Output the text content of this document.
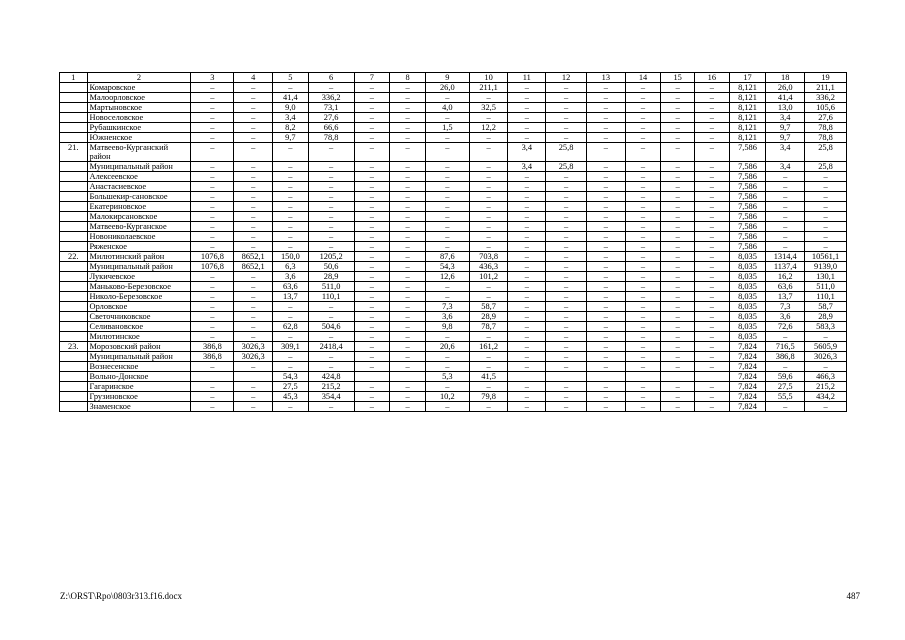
1	2	3	4	5	6	7	8	9	10	11	12	13	14	15	16	17	18	19
	Комаровское	–	–	–	–	–	–	26,0	211,1	–	–	–	–	–	–	8,121	26,0	211,1
	Малоорловское	–	–	41,4	336,2	–	–	–	–	–	–	–	–	–	–	8,121	41,4	336,2
	Мартыновское	–	–	9,0	73,1	–	–	4,0	32,5	–	–	–	–	–	–	8,121	13,0	105,6
	Новоселовское	–	–	3,4	27,6	–	–	–	–	–	–	–	–	–	–	8,121	3,4	27,6
	Рубашкинское	–	–	8,2	66,6	–	–	1,5	12,2	–	–	–	–	–	–	8,121	9,7	78,8
	Южненское	–	–	9,7	78,8	–	–	–	–	–	–	–	–	–	–	8,121	9,7	78,8
21.	Матвеево-Курганский район	–	–	–	–	–	–	–	–	3,4	25,8	–	–	–	–	7,586	3,4	25,8
	Муниципальный район	–	–	–	–	–	–	–	–	3,4	25,8	–	–	–	–	7,586	3,4	25,8
	Алексеевское	–	–	–	–	–	–	–	–	–	–	–	–	–	–	7,586	–	–
	Анастасиевское	–	–	–	–	–	–	–	–	–	–	–	–	–	–	7,586	–	–
	Большекир-сановское	–	–	–	–	–	–	–	–	–	–	–	–	–	–	7,586	–	–
	Екатериновское	–	–	–	–	–	–	–	–	–	–	–	–	–	–	7,586	–	–
	Малокирсановское	–	–	–	–	–	–	–	–	–	–	–	–	–	–	7,586	–	–
	Матвеево-Курганское	–	–	–	–	–	–	–	–	–	–	–	–	–	–	7,586	–	–
	Новониколаевское	–	–	–	–	–	–	–	–	–	–	–	–	–	–	7,586	–	–
	Ряженское	–	–	–	–	–	–	–	–	–	–	–	–	–	–	7,586	–	–
22.	Милютинский район	1076,8	8652,1	150,0	1205,2	–	–	87,6	703,8	–	–	–	–	–	–	8,035	1314,4	10561,1
	Муниципальный район	1076,8	8652,1	6,3	50,6	–	–	54,3	436,3	–	–	–	–	–	–	8,035	1137,4	9139,0
	Лукичевское	–	–	3,6	28,9	–	–	12,6	101,2	–	–	–	–	–	–	8,035	16,2	130,1
	Маньково-Березовское	–	–	63,6	511,0	–	–	–	–	–	–	–	–	–	–	8,035	63,6	511,0
	Николо-Березовское	–	–	13,7	110,1	–	–	–	–	–	–	–	–	–	–	8,035	13,7	110,1
	Орловское	–	–	–	–	–	–	7,3	58,7	–	–	–	–	–	–	8,035	7,3	58,7
	Светочниковское	–	–	–	–	–	–	3,6	28,9	–	–	–	–	–	–	8,035	3,6	28,9
	Селивановское	–	–	62,8	504,6	–	–	9,8	78,7	–	–	–	–	–	–	8,035	72,6	583,3
	Милютинское	–	–	–	–	–	–	–	–	–	–	–	–	–	–	8,035	–	–
23.	Морозовский район	386,8	3026,3	309,1	2418,4	–	–	20,6	161,2	–	–	–	–	–	–	7,824	716,5	5605,9
	Муниципальный район	386,8	3026,3	–	–	–	–	–	–	–	–	–	–	–	–	7,824	386,8	3026,3
	Вознесенское	–	–	–	–	–	–	–	–	–	–	–	–	–	–	7,824	–	–
	Вольно-Донское			54,3	424,8			5,3	41,5							7,824	59,6	466,3
	Гагаринское	–	–	27,5	215,2	–	–	–	–	–	–	–	–	–	–	7,824	27,5	215,2
	Грузиновское	–	–	45,3	354,4	–	–	10,2	79,8	–	–	–	–	–	–	7,824	55,5	434,2
	Знаменское	–	–	–	–	–	–	–	–	–	–	–	–	–	–	7,824	–	–
Z:\ORST\Rpo\0803r313.f16.docx	487
